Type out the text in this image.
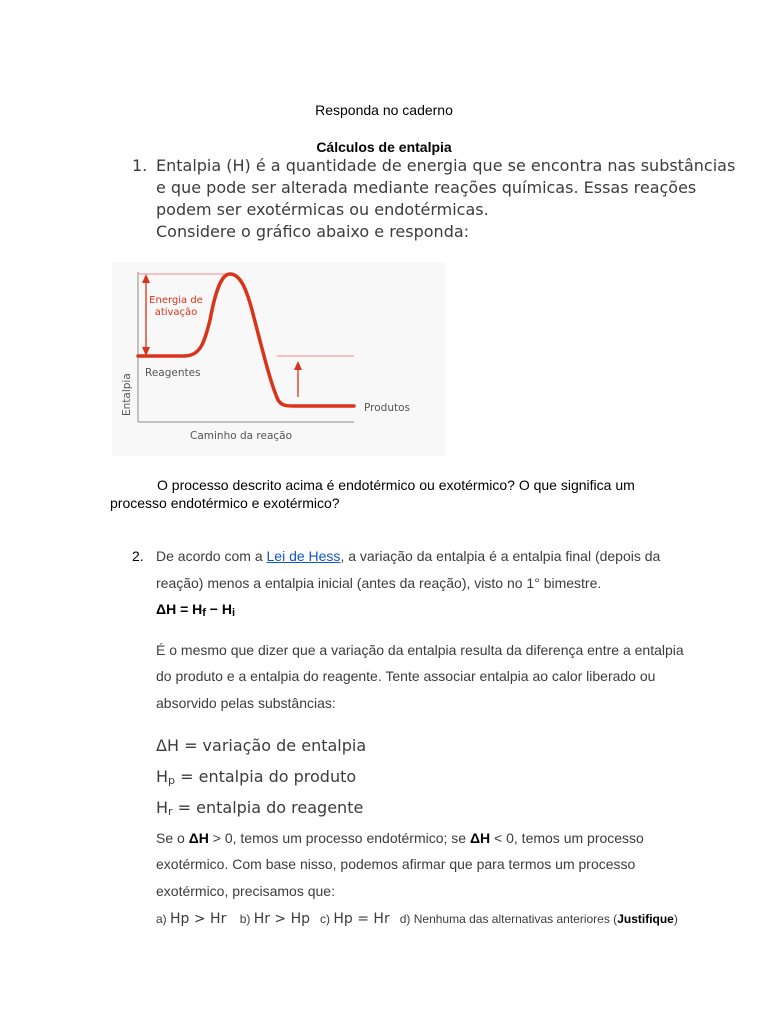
Responda no caderno
Cálculos de entalpia
1. Entalpia (H) é a quantidade de energia que se encontra nas substâncias
e que pode ser alterada mediante reações químicas. Essas reações
podem ser exotérmicas ou endotérmicas.
Considere o gráfico abaixo e responda:
Energia de
ativação
Reagentes
Produtos
Caminho da reação
Entalpia
O processo descrito acima é endotérmico ou exotérmico? O que significa um
processo endotérmico e exotérmico?
2. De acordo com a Lei de Hess, a variação da entalpia é a entalpia final (depois da
reação) menos a entalpia inicial (antes da reação), visto no 1° bimestre.
$\Delta H = H_f - H_i$
É o mesmo que dizer que a variação da entalpia resulta da diferença entre a entalpia
do produto e a entalpia do reagente. Tente associar entalpia ao calor liberado ou
absorvido pelas substâncias:
ΔH = variação de entalpia
$H_p$ = entalpia do produto
$H_r$ = entalpia do reagente
Se o ΔH > 0, temos um processo endotérmico; se ΔH < 0, temos um processo
exotérmico. Com base nisso, podemos afirmar que para termos um processo
exotérmico, precisamos que:
a) Hp > Hr b) Hr > Hp c) Hp = Hr d) Nenhuma das alternativas anteriores (Justifique)
